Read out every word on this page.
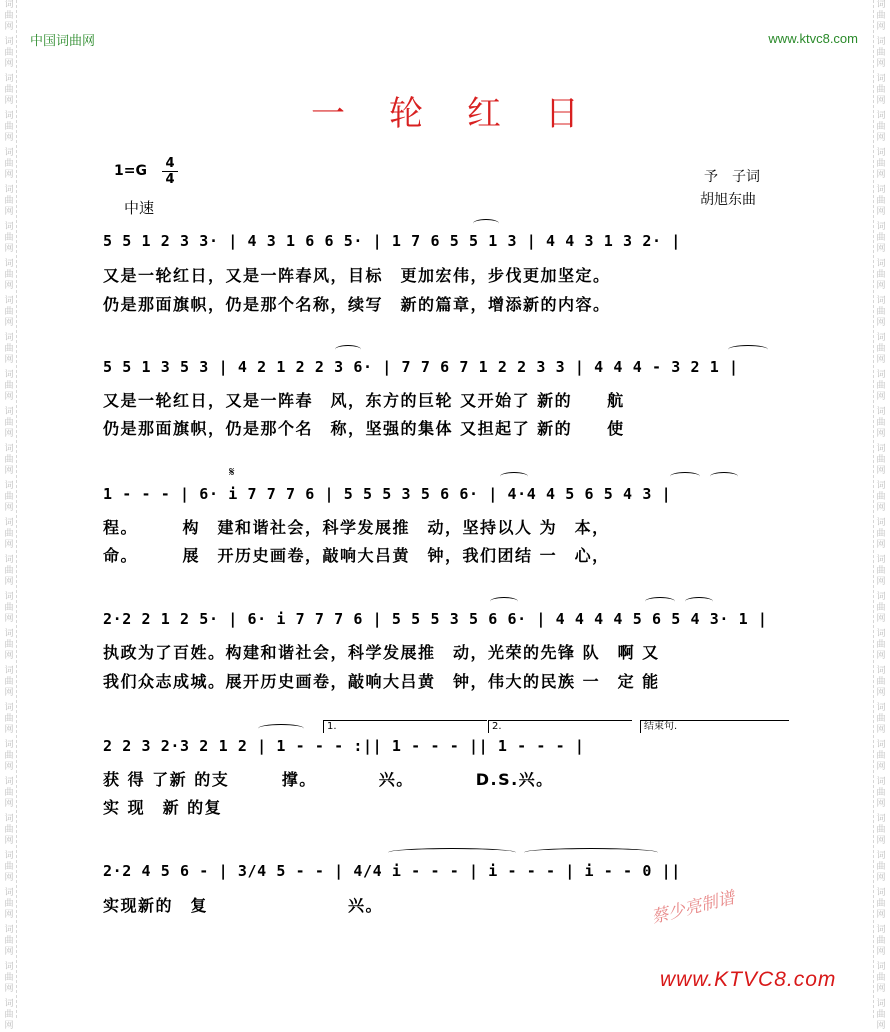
词曲网
词曲网
词曲网
词曲网
词曲网
词曲网
词曲网
词曲网
词曲网
词曲网
词曲网
词曲网
词曲网
词曲网
词曲网
词曲网
词曲网
词曲网
词曲网
词曲网
词曲网
词曲网
词曲网
词曲网
词曲网
词曲网
词曲网
词曲网
词曲网
词曲网
词曲网
词曲网
词曲网
词曲网
词曲网
词曲网
词曲网
词曲网
词曲网
词曲网
词曲网
词曲网
词曲网
词曲网
词曲网
词曲网
词曲网
词曲网
词曲网
词曲网
词曲网
词曲网
词曲网
词曲网
词曲网
词曲网
中国词曲网	www.ktvc8.com
一轮红日
1=G 4
4
中速
予　子词
胡旭东曲
5 5 1 2 3 3· | 4 3 1 6 6 5· | 1 7 6 5 5 1 3 | 4 4 3 1 3 2· |
又是一轮红日，又是一阵春风，目标　更加宏伟，步伐更加坚定。
仍是那面旗帜，仍是那个名称，续写　新的篇章，增添新的内容。
5 5 1 3 5 3 | 4 2 1 2 2 3 6· | 7 7 6 7 1 2 2 3 3 | 4 4 4 - 3 2 1 |
又是一轮红日，又是一阵春　风，东方的巨轮 又开始了 新的　　航
仍是那面旗帜，仍是那个名　称，坚强的集体 又担起了 新的　　使
𝄋
1 - - - | 6· i 7 7 7 6 | 5 5 5 3 5 6 6· | 4·4 4 5 6 5 4 3 |
程。　　　构　建和谐社会，科学发展推　动，坚持以人 为　本，
命。　　　展　开历史画卷，敲响大吕黄　钟，我们团结 一　心，
2·2 2 1 2 5· | 6· i 7 7 7 6 | 5 5 5 3 5 6 6· | 4 4 4 4 5 6 5 4 3· 1 |
执政为了百姓。构建和谐社会，科学发展推　动，光荣的先锋 队　啊 又
我们众志成城。展开历史画卷，敲响大吕黄　钟，伟大的民族 一　定 能
1.	2.	结束句.
2 2 3 2·3 2 1 2 | 1 - - - :|| 1 - - - || 1 - - - |
获 得 了新 的支　　　撑。　　　　兴。　　　　D.S.兴。
实 现　新 的复
2·2 4 5 6 - | 3/4 5 - - | 4/4 i - - - | i - - - | i - - 0 ||
实现新的　复　　　　　　　　兴。	蔡少亮制谱
www.KTVC8.com
